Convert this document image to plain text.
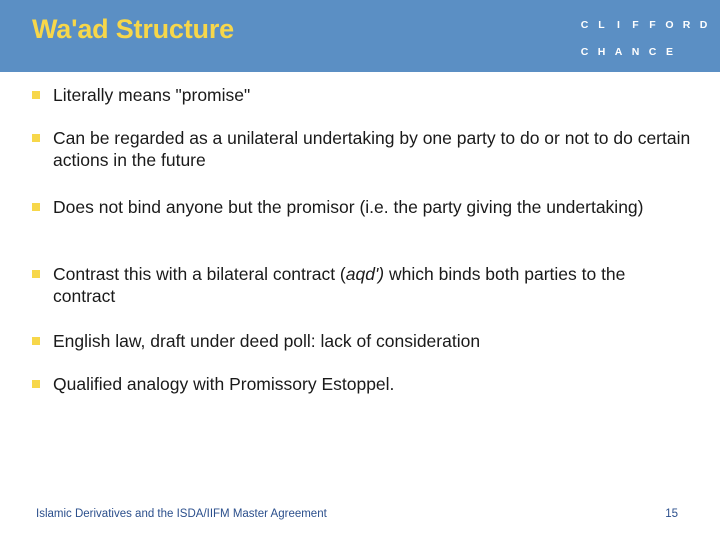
Wa'ad Structure	C L	I	F	F O R D
C H A N C E
Literally means "promise"
Can be regarded as a unilateral undertaking by one party to do or not to do certain actions in the future
Does not bind anyone but the promisor (i.e. the party giving the undertaking)
Contrast this with a bilateral contract (aqd') which binds both parties to the contract
English law, draft under deed poll: lack of consideration
Qualified analogy with Promissory Estoppel.
Islamic Derivatives and the ISDA/IIFM Master Agreement	15
